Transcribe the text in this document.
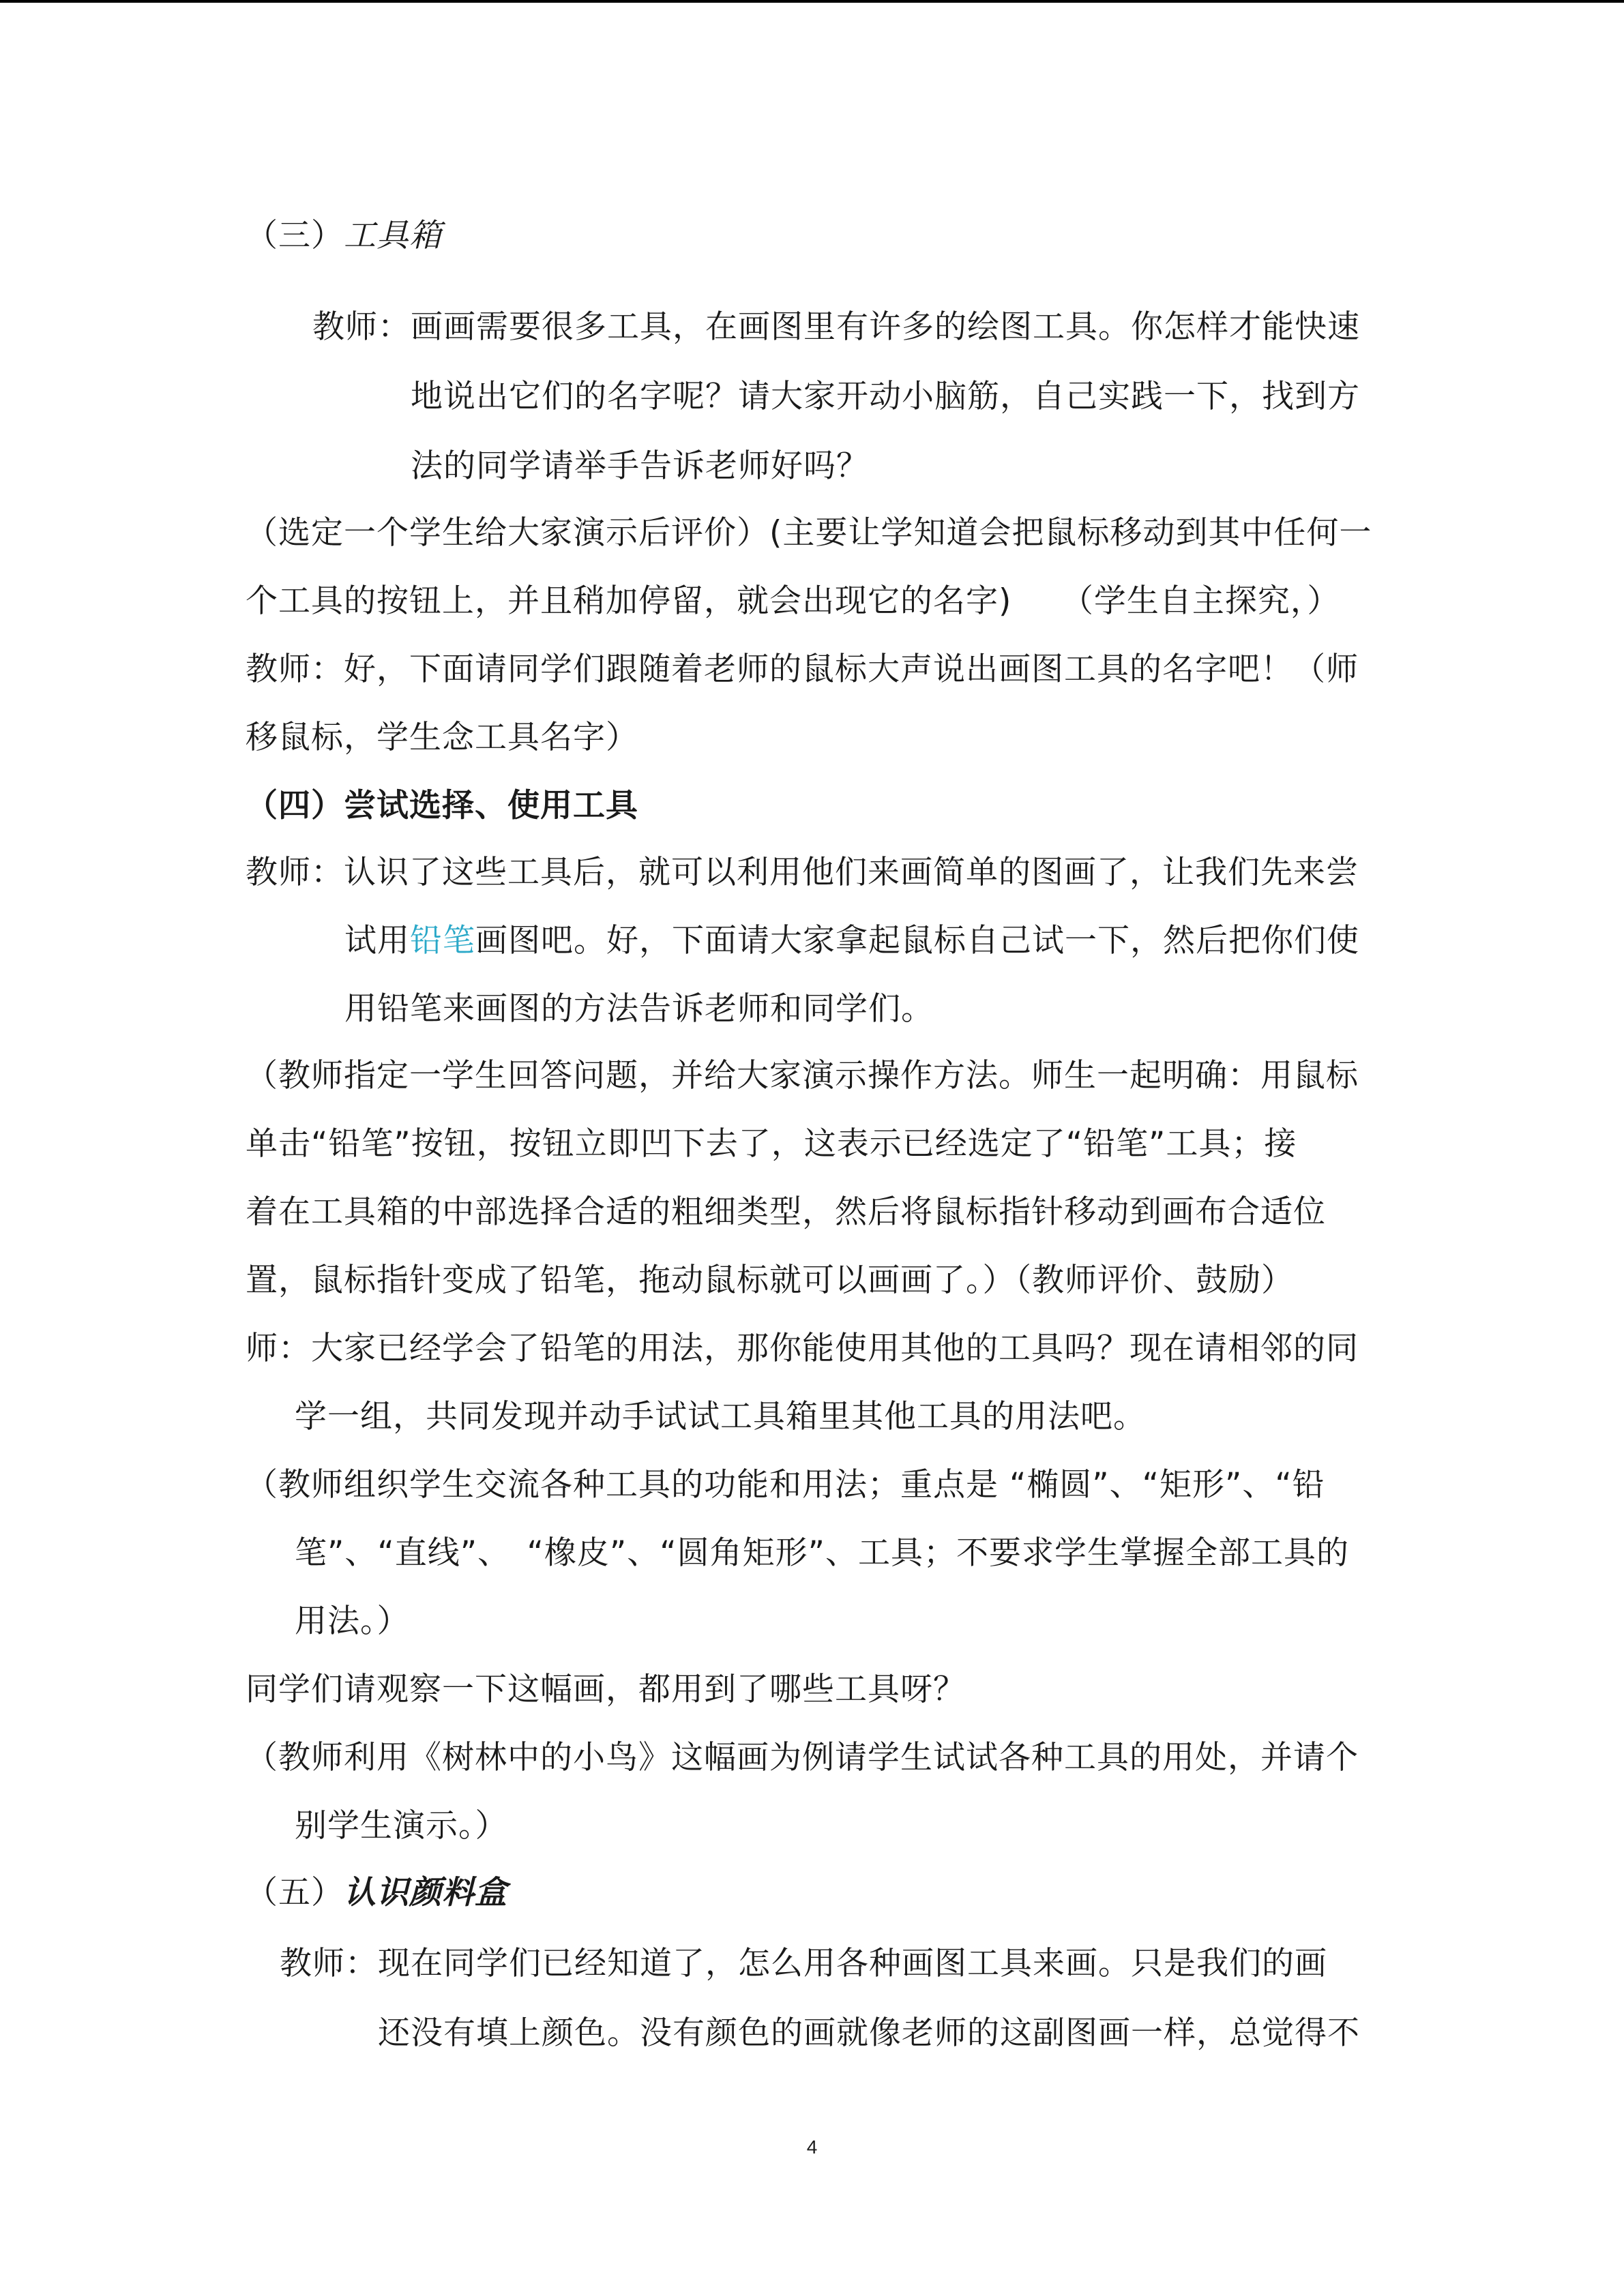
（三）工具箱
教师：画画需要很多工具，在画图里有许多的绘图工具。你怎样才能快速
地说出它们的名字呢？请大家开动小脑筋，自己实践一下，找到方
法的同学请举手告诉老师好吗？
（选定一个学生给大家演示后评价）(主要让学知道会把鼠标移动到其中任何一
个工具的按钮上，并且稍加停留，就会出现它的名字)　　（学生自主探究，）
教师：好，下面请同学们跟随着老师的鼠标大声说出画图工具的名字吧！（师
移鼠标，学生念工具名字）
（四）尝试选择、使用工具
教师：认识了这些工具后，就可以利用他们来画简单的图画了，让我们先来尝
试用铅笔画图吧。好，下面请大家拿起鼠标自己试一下，然后把你们使
用铅笔来画图的方法告诉老师和同学们。
（教师指定一学生回答问题，并给大家演示操作方法。师生一起明确：用鼠标
单击“铅笔”按钮，按钮立即凹下去了，这表示已经选定了“铅笔”工具；接
着在工具箱的中部选择合适的粗细类型，然后将鼠标指针移动到画布合适位
置，鼠标指针变成了铅笔，拖动鼠标就可以画画了。）（教师评价、鼓励）
师：大家已经学会了铅笔的用法，那你能使用其他的工具吗？现在请相邻的同
学一组，共同发现并动手试试工具箱里其他工具的用法吧。
（教师组织学生交流各种工具的功能和用法；重点是 “椭圆”、“矩形”、“铅
笔”、“直线”、　“橡皮”、“圆角矩形”、工具；不要求学生掌握全部工具的
用法。）
同学们请观察一下这幅画，都用到了哪些工具呀？
（教师利用《树林中的小鸟》这幅画为例请学生试试各种工具的用处，并请个
别学生演示。）
（五）认识颜料盒
教师：现在同学们已经知道了，怎么用各种画图工具来画。只是我们的画
还没有填上颜色。没有颜色的画就像老师的这副图画一样，总觉得不
4
